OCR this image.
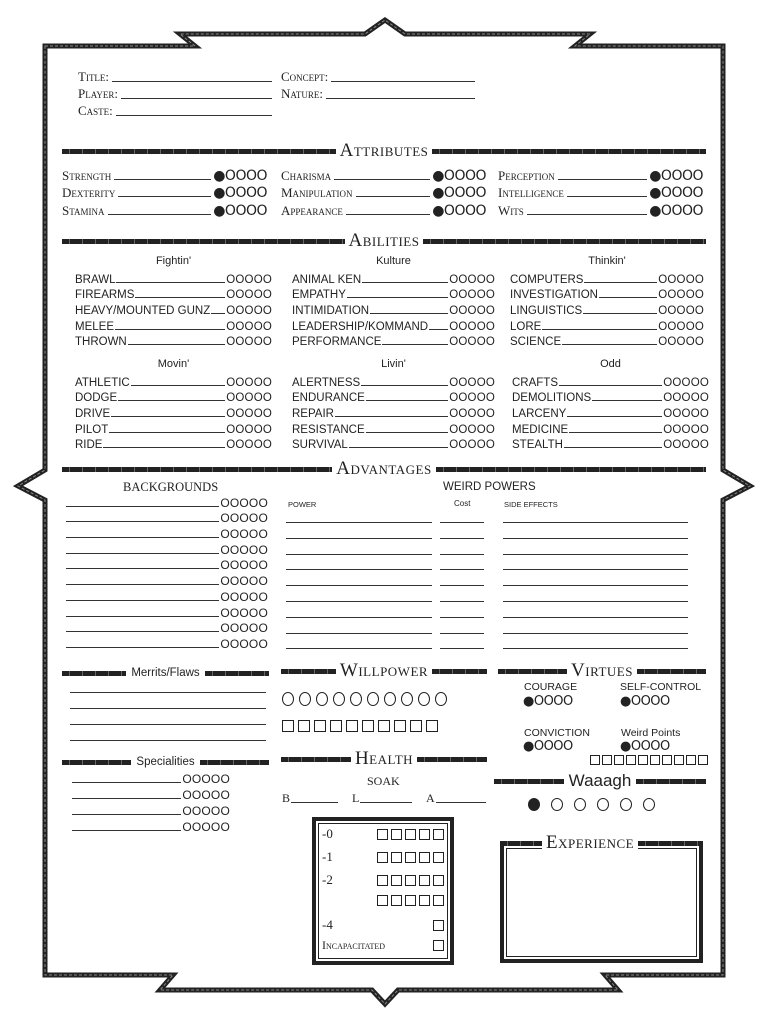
Title:
Player:
Caste:
Concept:
Nature:
Attributes
Strength	●OOOO
Dexterity	●OOOO
Stamina	●OOOO
Charisma	●OOOO
Manipulation	●OOOO
Appearance	●OOOO
Perception	●OOOO
Intelligence	●OOOO
Wits	●OOOO
Abilities
Fightin'
BRAWL	OOOOO
FIREARMS	OOOOO
HEAVY/MOUNTED GUNZ OOOOO
MELEE	OOOOO
THROWN	OOOOO
Kulture
ANIMAL KEN	OOOOO
EMPATHY	OOOOO
INTIMIDATION	OOOOO
LEADERSHIP/KOMMAND OOOOO
PERFORMANCE	OOOOO
Thinkin'
COMPUTERS	OOOOO
INVESTIGATION	OOOOO
LINGUISTICS	OOOOO
LORE	OOOOO
SCIENCE	OOOOO
Movin'
ATHLETIC	OOOOO
DODGE	OOOOO
DRIVE	OOOOO
PILOT	OOOOO
RIDE	OOOOO
Livin'
ALERTNESS	OOOOO
ENDURANCE	OOOOO
REPAIR	OOOOO
RESISTANCE	OOOOO
SURVIVAL	OOOOO
Odd
CRAFTS	OOOOO
DEMOLITIONS	OOOOO
LARCENY	OOOOO
MEDICINE	OOOOO
STEALTH	OOOOO
Advantages
BACKGROUNDS
OOOOO
OOOOO
OOOOO
OOOOO
OOOOO
OOOOO
OOOOO
OOOOO
OOOOO
OOOOO
WEIRD POWERS
POWER	Cost	SIDE EFFECTS
Merrits/Flaws
Specialities
OOOOO
OOOOO
OOOOO
OOOOO
Willpower
Health
SOAK
B	L	A
-0
-1
-2
-4
Incapacitated
Virtues
COURAGE
●OOOO
SELF-CONTROL
●OOOO
CONVICTION
●OOOO
Weird Points
●OOOO
Waaagh
Experience
